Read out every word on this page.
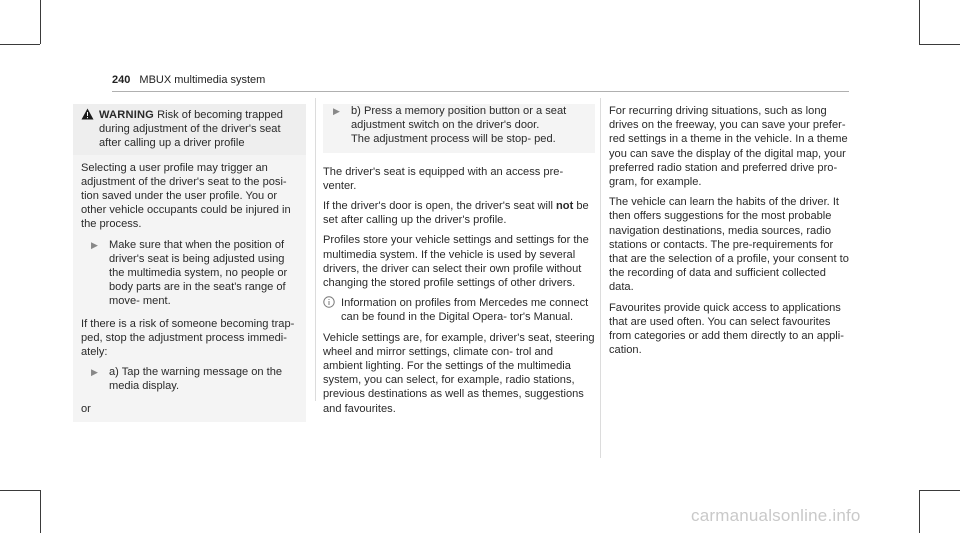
240 MBUX multimedia system
WARNING Risk of becoming trapped during adjustment of the driver's seat after calling up a driver profile

Selecting a user profile may trigger an adjustment of the driver's seat to the posi- tion saved under the user profile. You or other vehicle occupants could be injured in the process.

▶ Make sure that when the position of driver's seat is being adjusted using the multimedia system, no people or body parts are in the seat's range of move- ment.

If there is a risk of someone becoming trap- ped, stop the adjustment process immedi- ately:

▶ a) Tap the warning message on the media display.

or

▶ b) Press a memory position button or a seat adjustment switch on the driver's door.
The adjustment process will be stop- ped.

The driver's seat is equipped with an access pre- venter.

If the driver's door is open, the driver's seat will not be set after calling up the driver's profile.

Profiles store your vehicle settings and settings for the multimedia system. If the vehicle is used by several drivers, the driver can select their own profile without changing the stored profile settings of other drivers.

Information on profiles from Mercedes me connect can be found in the Digital Opera- tor's Manual.

Vehicle settings are, for example, driver's seat, steering wheel and mirror settings, climate con- trol and ambient lighting. For the settings of the multimedia system, you can select, for example, radio stations, previous destinations as well as themes, suggestions and favourites.

For recurring driving situations, such as long drives on the freeway, you can save your prefer- red settings in a theme in the vehicle. In a theme you can save the display of the digital map, your preferred radio station and preferred drive pro- gram, for example.

The vehicle can learn the habits of the driver. It then offers suggestions for the most probable navigation destinations, media sources, radio stations or contacts. The pre-requirements for that are the selection of a profile, your consent to the recording of data and sufficient collected data.

Favourites provide quick access to applications that are used often. You can select favourites from categories or add them directly to an appli- cation.

carmanualsonline.info
